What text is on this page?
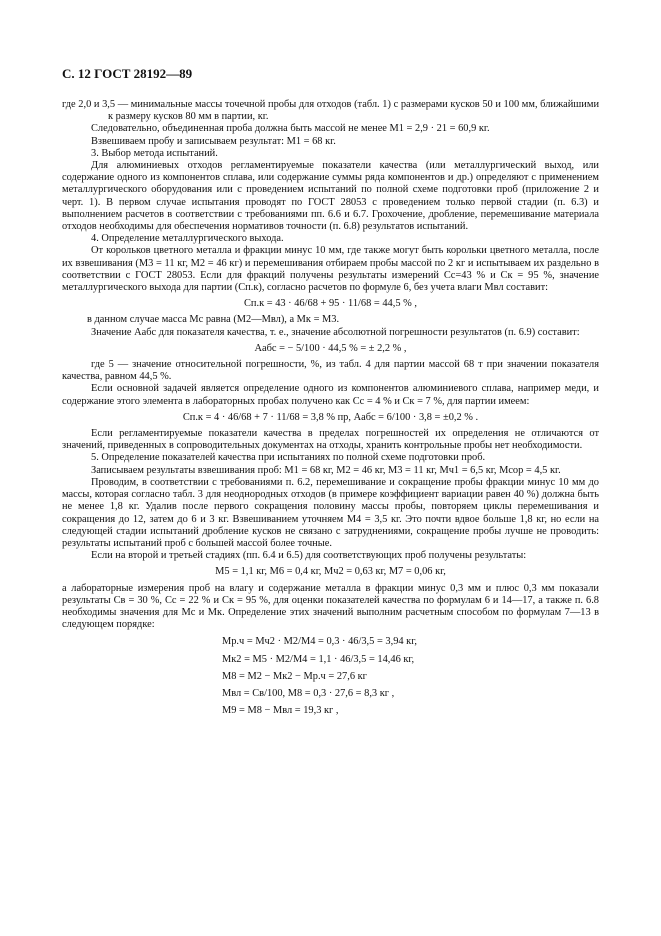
С. 12 ГОСТ 28192—89

где 2,0 и 3,5 — минимальные массы точечной пробы для отходов (табл. 1) с размерами кусков 50 и 100 мм, ближайшими к размеру кусков 80 мм в партии, кг.

Следовательно, объединенная проба должна быть массой не менее M1 = 2,9 · 21 = 60,9 кг.

Взвешиваем пробу и записываем результат: M1 = 68 кг.

3. Выбор метода испытаний.

Для алюминиевых отходов регламентируемые показатели качества (или металлургический выход, или содержание одного из компонентов сплава, или содержание суммы ряда компонентов и др.) определяют с применением металлургического оборудования или с проведением испытаний по полной схеме подготовки проб (приложение 2 и черт. 1). В первом случае испытания проводят по ГОСТ 28053 с проведением только первой стадии (п. 6.3) и выполнением расчетов в соответствии с требованиями пп. 6.6 и 6.7. Грохочение, дробление, перемешивание материала отходов необходимы для обеспечения нормативов точности (п. 6.8) результатов испытаний.

4. Определение металлургического выхода.

От корольков цветного металла и фракции минус 10 мм, где также могут быть корольки цветного металла, после их взвешивания (M3 = 11 кг, M2 = 46 кг) и перемешивания отбираем пробы массой по 2 кг и испытываем их раздельно в соответствии с ГОСТ 28053. Если для фракций получены результаты измерений Cс=43 % и Cк = 95 %, значение металлургического выхода для партии (Cп.к), согласно расчетов по формуле 6, без учета влаги Mвл составит:

Cп.к = 43 · 46/68 + 95 · 11/68 = 44,5 % ,

в данном случае масса Mс равна (M2—Mвл), а Mк = M3.

Значение Aабс для показателя качества, т. е., значение абсолютной погрешности результатов (п. 6.9) составит:

Aабс = − 5/100 · 44,5 % = ± 2,2 % ,

где 5 — значение относительной погрешности, %, из табл. 4 для партии массой 68 т при значении показателя качества, равном 44,5 %.

Если основной задачей является определение одного из компонентов алюминиевого сплава, например меди, и содержание этого элемента в лабораторных пробах получено как Cс = 4 % и Cк = 7 %, для партии имеем:

Cп.к = 4 · 46/68 + 7 · 11/68 = 3,8 % пр, Aабс = 6/100 · 3,8 = ±0,2 % .

Если регламентируемые показатели качества в пределах погрешностей их определения не отличаются от значений, приведенных в сопроводительных документах на отходы, хранить контрольные пробы нет необходимости.

5. Определение показателей качества при испытаниях по полной схеме подготовки проб.

Записываем результаты взвешивания проб: M1 = 68 кг, M2 = 46 кг, M3 = 11 кг, Mч1 = 6,5 кг, Mсор = 4,5 кг.

Проводим, в соответствии с требованиями п. 6.2, перемешивание и сокращение пробы фракции минус 10 мм до массы, которая согласно табл. 3 для неоднородных отходов (в примере коэффициент вариации равен 40 %) должна быть не менее 1,8 кг. Удалив после первого сокращения половину массы пробы, повторяем циклы перемешивания и сокращения до 12, затем до 6 и 3 кг. Взвешиванием уточняем M4 = 3,5 кг. Это почти вдвое больше 1,8 кг, но если на следующей стадии испытаний дробление кусков не связано с затруднениями, сокращение пробы лучше не проводить: результаты испытаний проб с большей массой более точные.

Если на второй и третьей стадиях (пп. 6.4 и 6.5) для соответствующих проб получены результаты:

M5 = 1,1 кг, M6 = 0,4 кг, Mч2 = 0,63 кг, M7 = 0,06 кг,

а лабораторные измерения проб на влагу и содержание металла в фракции минус 0,3 мм и плюс 0,3 мм показали результаты Cв = 30 %, Cс = 22 % и Cк = 95 %, для оценки показателей качества по формулам 6 и 14—17, а также п. 6.8 необходимы значения для Mс и Mк. Определение этих значений выполним расчетным способом по формулам 7—13 в следующем порядке:

Mр.ч = Mч2 · M2/M4 = 0,3 · 46/3,5 = 3,94 кг,

Mк2 = M5 · M2/M4 = 1,1 · 46/3,5 = 14,46 кг,

M8 = M2 − Mк2 − Mр.ч = 27,6 кг

Mвл = Cв/100, M8 = 0,3 · 27,6 = 8,3 кг ,

M9 = M8 − Mвл = 19,3 кг ,
